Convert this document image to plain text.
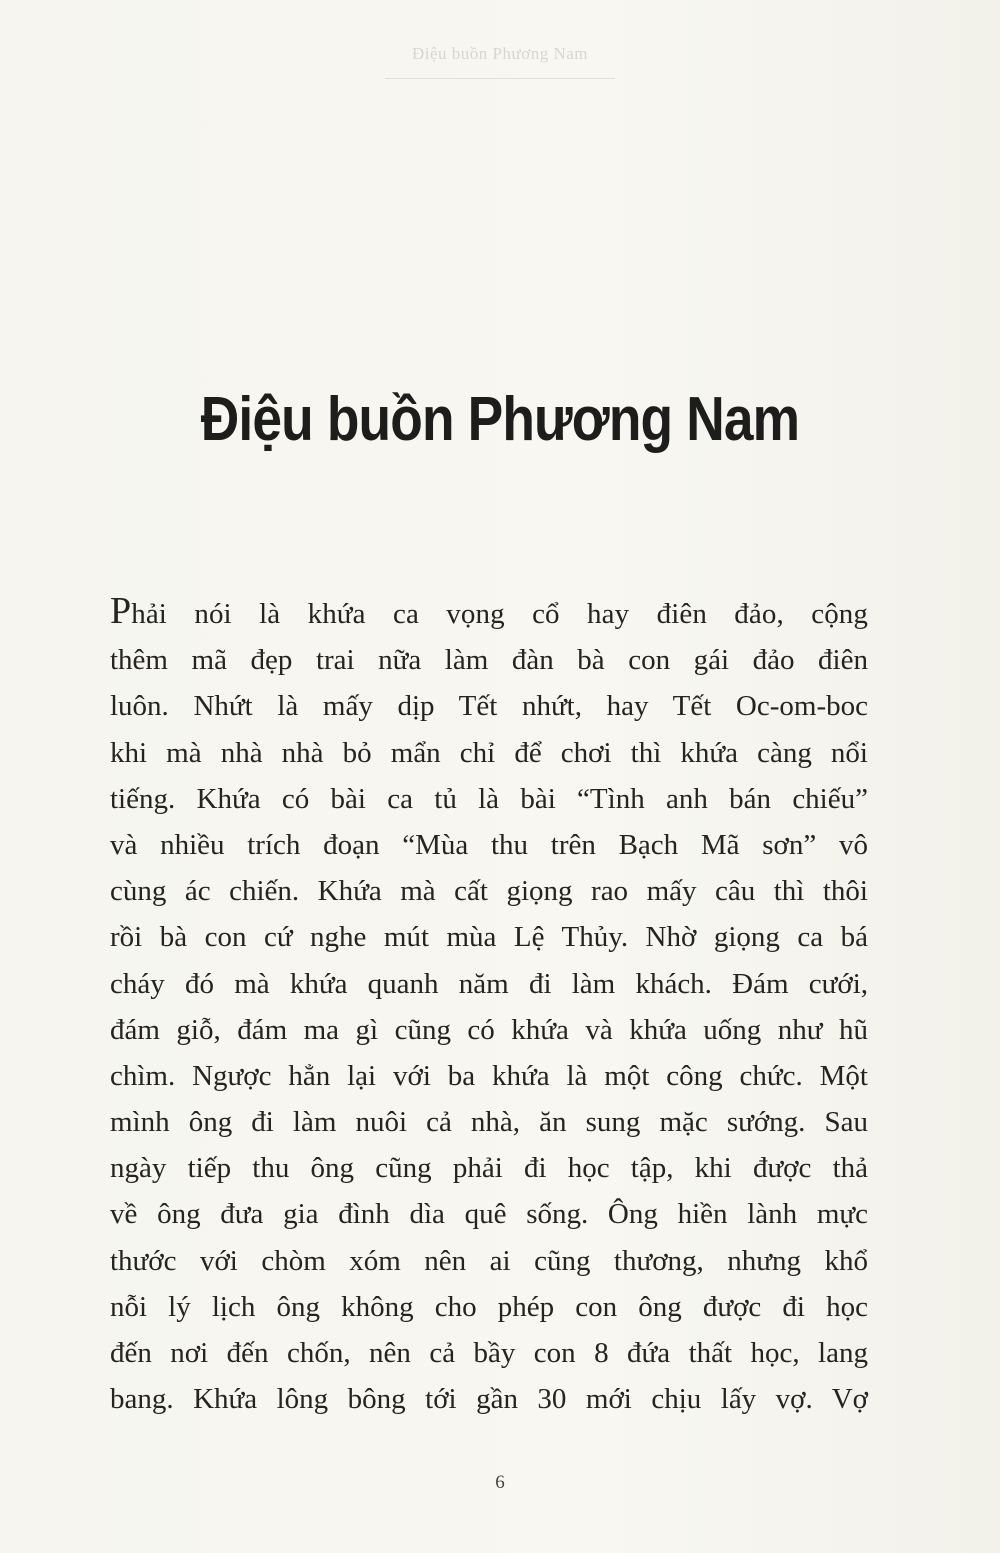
Điệu buồn Phương Nam
Điệu buồn Phương Nam
Phải nói là khứa ca vọng cổ hay điên đảo, cộng
thêm mã đẹp trai nữa làm đàn bà con gái đảo điên
luôn. Nhứt là mấy dịp Tết nhứt, hay Tết Oc-om-boc
khi mà nhà nhà bỏ mẩn chỉ để chơi thì khứa càng nổi
tiếng. Khứa có bài ca tủ là bài “Tình anh bán chiếu”
và nhiều trích đoạn “Mùa thu trên Bạch Mã sơn” vô
cùng ác chiến. Khứa mà cất giọng rao mấy câu thì thôi
rồi bà con cứ nghe mút mùa Lệ Thủy. Nhờ giọng ca bá
cháy đó mà khứa quanh năm đi làm khách. Đám cưới,
đám giỗ, đám ma gì cũng có khứa và khứa uống như hũ
chìm. Ngược hẳn lại với ba khứa là một công chức. Một
mình ông đi làm nuôi cả nhà, ăn sung mặc sướng. Sau
ngày tiếp thu ông cũng phải đi học tập, khi được thả
về ông đưa gia đình dìa quê sống. Ông hiền lành mực
thước với chòm xóm nên ai cũng thương, nhưng khổ
nỗi lý lịch ông không cho phép con ông được đi học
đến nơi đến chốn, nên cả bầy con 8 đứa thất học, lang
bang. Khứa lông bông tới gần 30 mới chịu lấy vợ. Vợ
6
